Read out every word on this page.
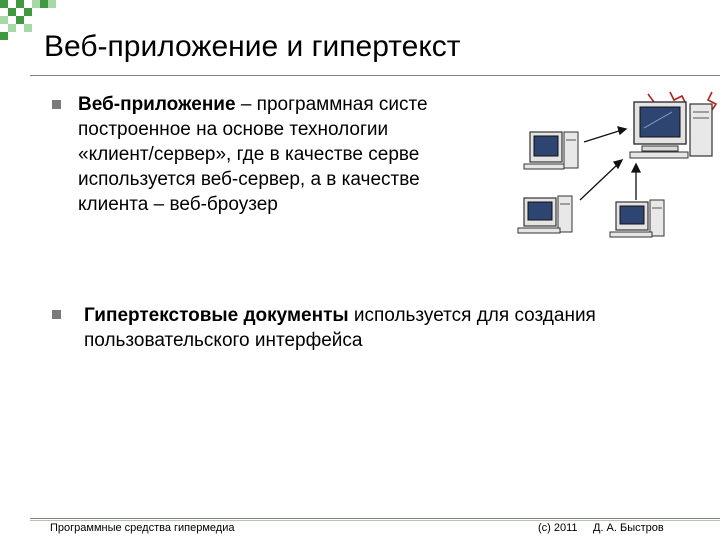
Веб-приложение и гипертекст
Веб-приложение – программная систе
построенное на основе технологии
«клиент/сервер», где в качестве серве
используется веб-сервер, а в качестве
клиента – веб-броузер
Гипертекстовые документы используется для создания пользовательского интерфейса
Программные средства гипермедиа	(c) 2011 Д. А. Быстров
